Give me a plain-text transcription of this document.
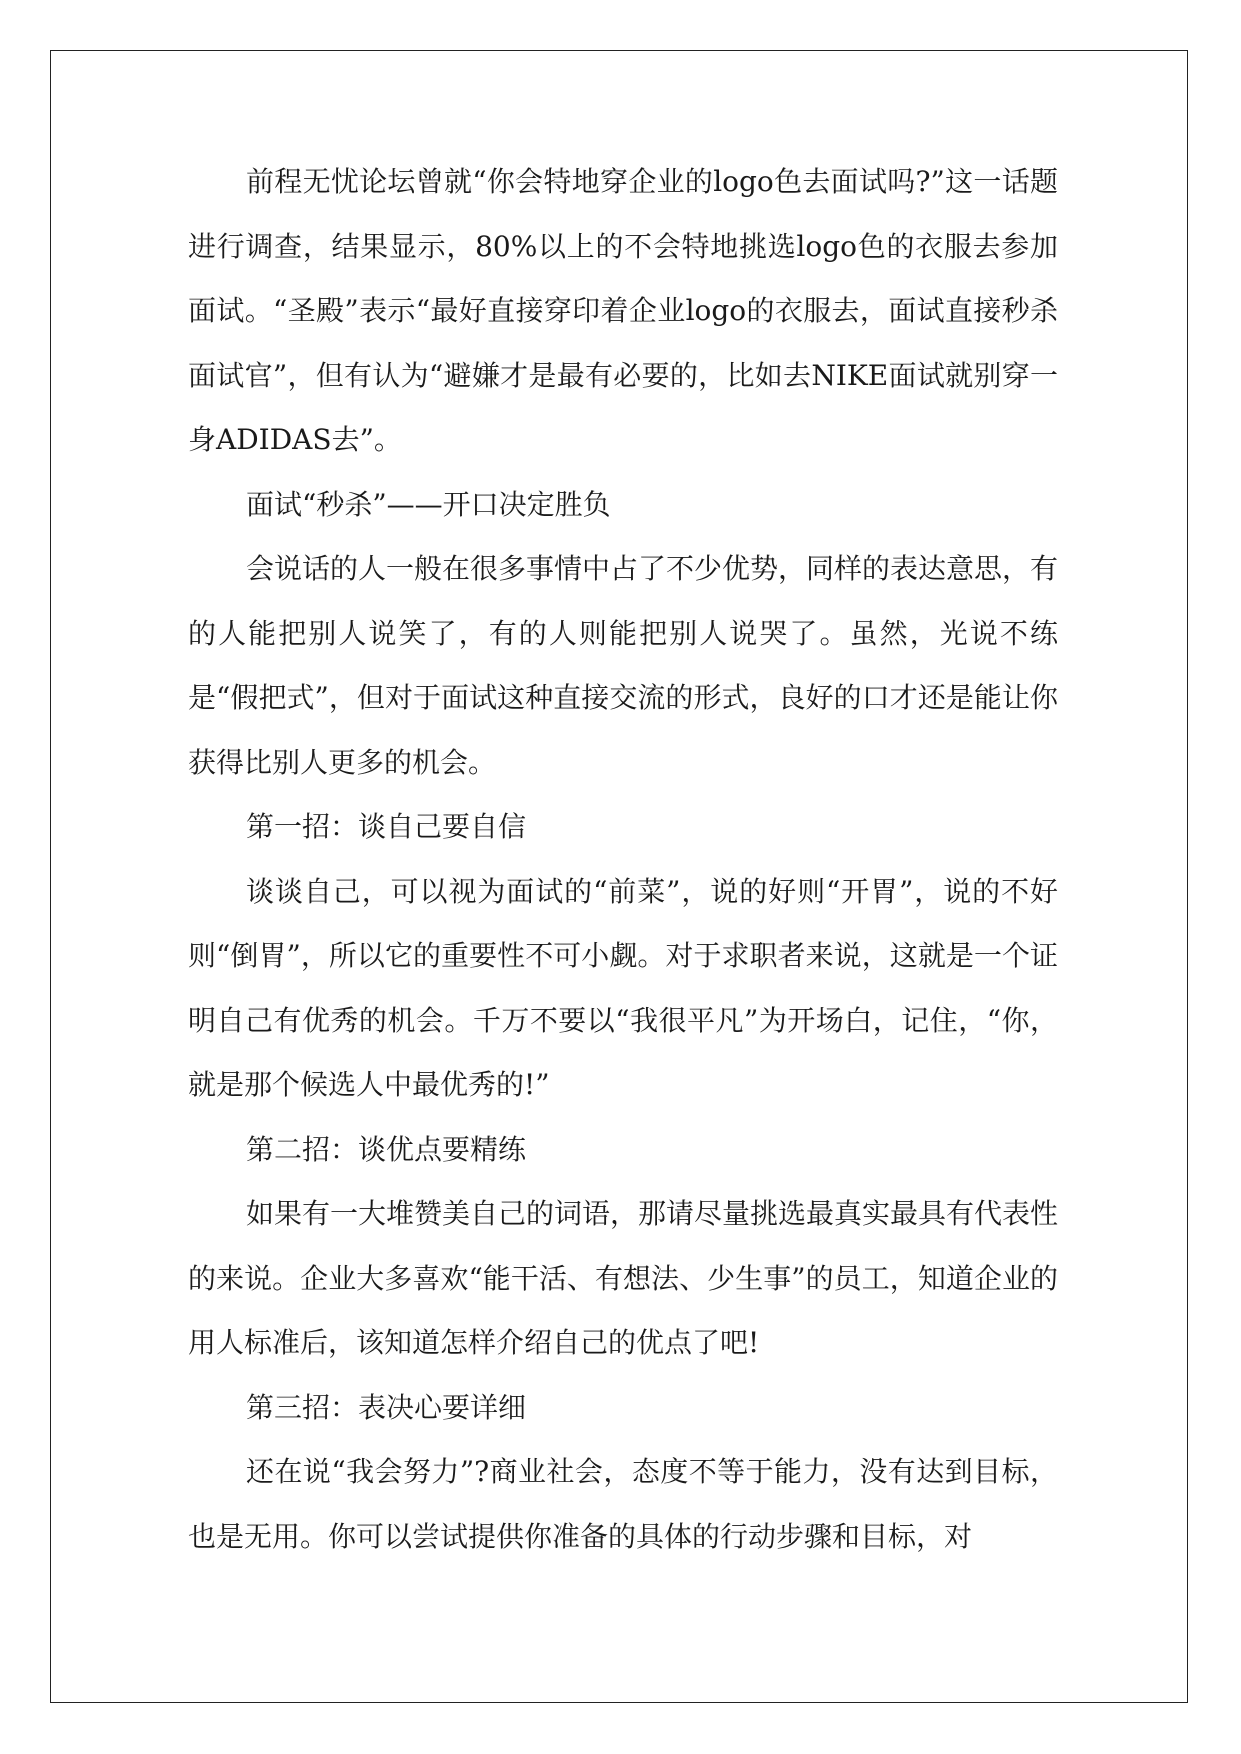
前程无忧论坛曾就“你会特地穿企业的logo色去面试吗?”这一话题进行调查，结果显示，80%以上的不会特地挑选logo色的衣服去参加面试。“圣殿”表示“最好直接穿印着企业logo的衣服去，面试直接秒杀面试官”，但有认为“避嫌才是最有必要的，比如去NIKE面试就别穿一身ADIDAS去”。

面试“秒杀”——开口决定胜负

会说话的人一般在很多事情中占了不少优势，同样的表达意思，有的人能把别人说笑了，有的人则能把别人说哭了。虽然，光说不练是“假把式”，但对于面试这种直接交流的形式，良好的口才还是能让你获得比别人更多的机会。

第一招：谈自己要自信

谈谈自己，可以视为面试的“前菜”，说的好则“开胃”，说的不好则“倒胃”，所以它的重要性不可小觑。对于求职者来说，这就是一个证明自己有优秀的机会。千万不要以“我很平凡”为开场白，记住，“你，就是那个候选人中最优秀的!”

第二招：谈优点要精练

如果有一大堆赞美自己的词语，那请尽量挑选最真实最具有代表性的来说。企业大多喜欢“能干活、有想法、少生事”的员工，知道企业的用人标准后，该知道怎样介绍自己的优点了吧!

第三招：表决心要详细

还在说“我会努力”?商业社会，态度不等于能力，没有达到目标，也是无用。你可以尝试提供你准备的具体的行动步骤和目标，对
